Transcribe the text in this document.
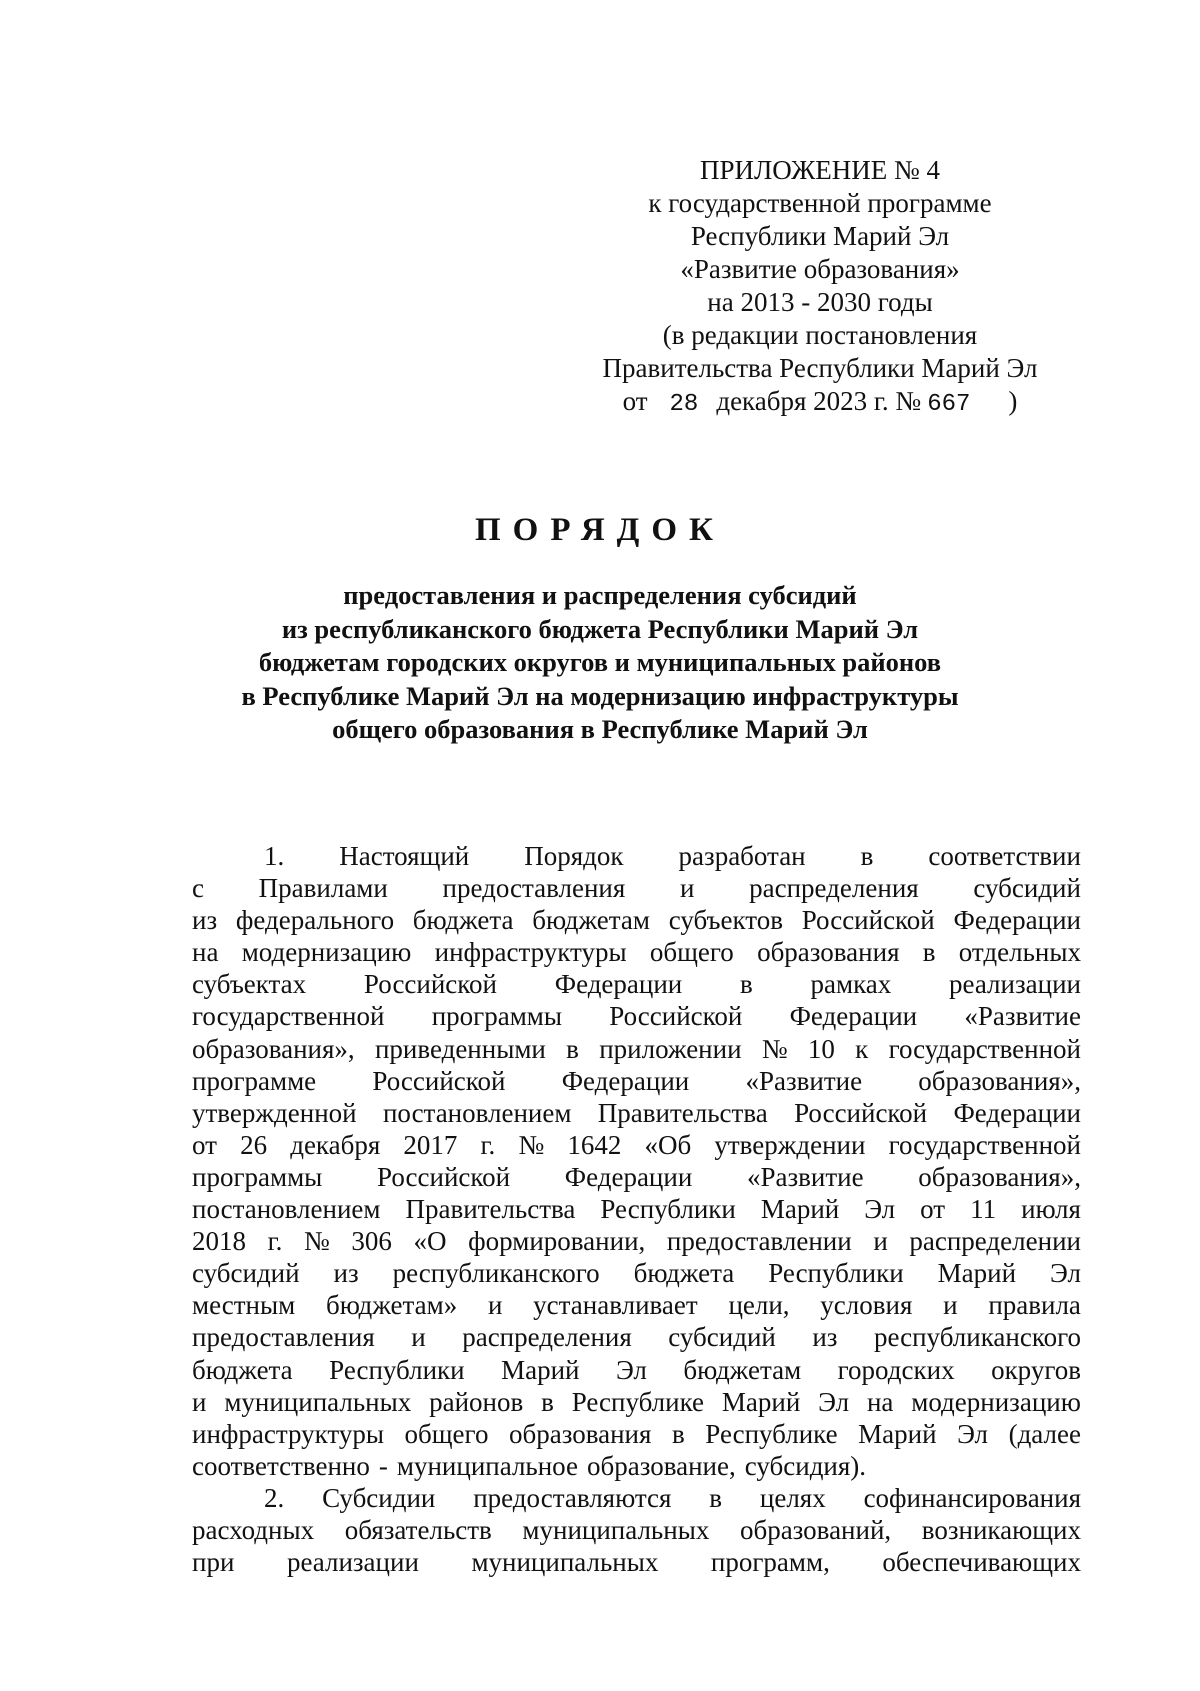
ПРИЛОЖЕНИЕ № 4
к государственной программе
Республики Марий Эл
«Развитие образования»
на 2013 - 2030 годы
(в редакции постановления
Правительства Республики Марий Эл
от 28 декабря 2023 г. № 667 )
ПОРЯДОК
предоставления и распределения субсидий
из республиканского бюджета Республики Марий Эл
бюджетам городских округов и муниципальных районов
в Республике Марий Эл на модернизацию инфраструктуры
общего образования в Республике Марий Эл
1. Настоящий Порядок разработан в соответствии
с Правилами предоставления и распределения субсидий
из федерального бюджета бюджетам субъектов Российской Федерации
на модернизацию инфраструктуры общего образования в отдельных
субъектах Российской Федерации в рамках реализации
государственной программы Российской Федерации «Развитие
образования», приведенными в приложении № 10 к государственной
программе Российской Федерации «Развитие образования»,
утвержденной постановлением Правительства Российской Федерации
от 26 декабря 2017 г. № 1642 «Об утверждении государственной
программы Российской Федерации «Развитие образования»,
постановлением Правительства Республики Марий Эл от 11 июля
2018 г. № 306 «О формировании, предоставлении и распределении
субсидий из республиканского бюджета Республики Марий Эл
местным бюджетам» и устанавливает цели, условия и правила
предоставления и распределения субсидий из республиканского
бюджета Республики Марий Эл бюджетам городских округов
и муниципальных районов в Республике Марий Эл на модернизацию
инфраструктуры общего образования в Республике Марий Эл (далее
соответственно - муниципальное образование, субсидия).
2. Субсидии предоставляются в целях софинансирования
расходных обязательств муниципальных образований, возникающих
при реализации муниципальных программ, обеспечивающих
